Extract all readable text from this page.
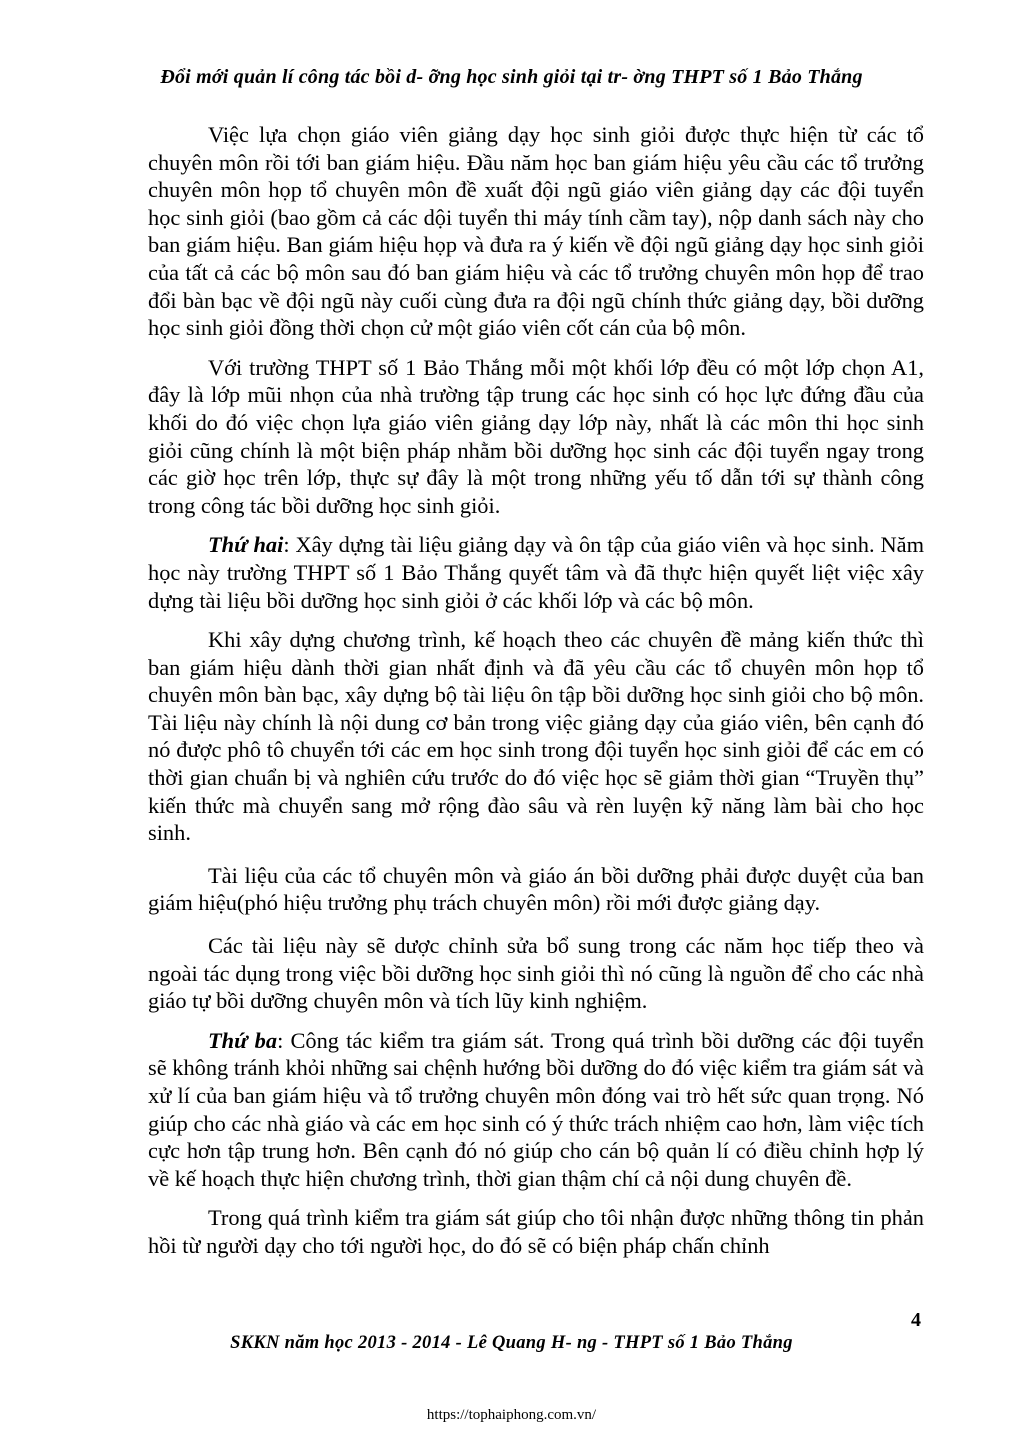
Đổi mới quản lí công tác bồi d- ỡng học sinh giỏi tại tr- ờng THPT số 1 Bảo Thắng

Việc lựa chọn giáo viên giảng dạy học sinh giỏi được thực hiện từ các tổ chuyên môn rồi tới ban giám hiệu. Đầu năm học ban giám hiệu yêu cầu các tổ trưởng chuyên môn họp tổ chuyên môn đề xuất đội ngũ giáo viên giảng dạy các đội tuyển học sinh giỏi (bao gồm cả các dội tuyển thi máy tính cầm tay), nộp danh sách này cho ban giám hiệu. Ban giám hiệu họp và đưa ra ý kiến về đội ngũ giảng dạy học sinh giỏi của tất cả các bộ môn sau đó ban giám hiệu và các tổ trưởng chuyên môn họp để trao đổi bàn bạc về đội ngũ này cuối cùng đưa ra đội ngũ chính thức giảng dạy, bồi dưỡng học sinh giỏi đồng thời chọn cử một giáo viên cốt cán của bộ môn.

Với trường THPT số 1 Bảo Thắng mỗi một khối lớp đều có một lớp chọn A1, đây là lớp mũi nhọn của nhà trường tập trung các học sinh có học lực đứng đầu của khối do đó việc chọn lựa giáo viên giảng dạy lớp này, nhất là các môn thi học sinh giỏi cũng chính là một biện pháp nhằm bồi dưỡng học sinh các đội tuyển ngay trong các giờ học trên lớp, thực sự đây là một trong những yếu tố dẫn tới sự thành công trong công tác bồi dưỡng học sinh giỏi.

Thứ hai: Xây dựng tài liệu giảng dạy và ôn tập của giáo viên và học sinh. Năm học này trường THPT số 1 Bảo Thắng quyết tâm và đã thực hiện quyết liệt việc xây dựng tài liệu bồi dưỡng học sinh giỏi ở các khối lớp và các bộ môn.

Khi xây dựng chương trình, kế hoạch theo các chuyên đề mảng kiến thức thì ban giám hiệu dành thời gian nhất định và đã yêu cầu các tổ chuyên môn họp tổ chuyên môn bàn bạc, xây dựng bộ tài liệu ôn tập bồi dưỡng học sinh giỏi cho bộ môn. Tài liệu này chính là nội dung cơ bản trong việc giảng dạy của giáo viên, bên cạnh đó nó được phô tô chuyển tới các em học sinh trong đội tuyển học sinh giỏi để các em có thời gian chuẩn bị và nghiên cứu trước do đó việc học sẽ giảm thời gian “Truyền thụ” kiến thức mà chuyển sang mở rộng đào sâu và rèn luyện kỹ năng làm bài cho học sinh.

Tài liệu của các tổ chuyên môn và giáo án bồi dưỡng phải được duyệt của ban giám hiệu(phó hiệu trưởng phụ trách chuyên môn) rồi mới được giảng dạy.

Các tài liệu này sẽ dược chỉnh sửa bổ sung trong các năm học tiếp theo và ngoài tác dụng trong việc bồi dưỡng học sinh giỏi thì nó cũng là nguồn để cho các nhà giáo tự bồi dưỡng chuyên môn và tích lũy kinh nghiệm.

Thứ ba: Công tác kiểm tra giám sát. Trong quá trình bồi dưỡng các đội tuyển sẽ không tránh khỏi những sai chệnh hướng bồi dưỡng do đó việc kiểm tra giám sát và xử lí của ban giám hiệu và tổ trưởng chuyên môn đóng vai trò hết sức quan trọng. Nó giúp cho các nhà giáo và các em học sinh có ý thức trách nhiệm cao hơn, làm việc tích cực hơn tập trung hơn. Bên cạnh đó nó giúp cho cán bộ quản lí có điều chỉnh hợp lý về kế hoạch thực hiện chương trình, thời gian thậm chí cả nội dung chuyên đề.

Trong quá trình kiểm tra giám sát giúp cho tôi nhận được những thông tin phản hồi từ người dạy cho tới người học, do đó sẽ có biện pháp chấn chỉnh

4
SKKN năm học 2013 - 2014 - Lê Quang H- ng - THPT số 1 Bảo Thắng
https://tophaiphong.com.vn/
